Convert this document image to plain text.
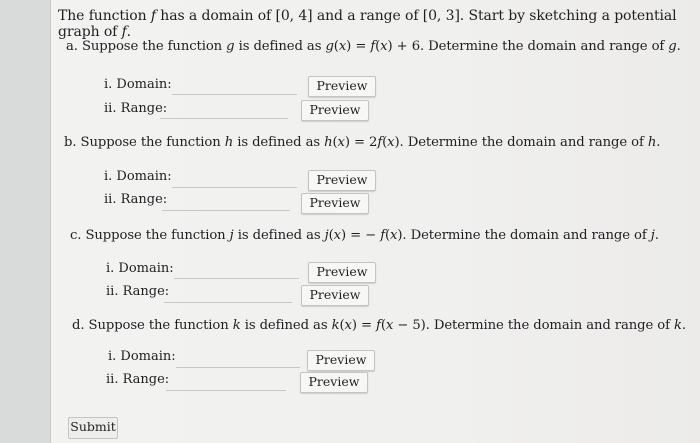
The function 𝑓 has a domain of [0, 4] and a range of [0, 3]. Start by sketching a potential graph of 𝑓.
a. Suppose the function 𝑔 is defined as 𝑔(𝑥) = 𝑓(𝑥) + 6. Determine the domain and range of 𝑔.
i. Domain:	Preview
ii. Range:	Preview
b. Suppose the function ℎ is defined as ℎ(𝑥) = 2𝑓(𝑥). Determine the domain and range of ℎ.
i. Domain:	Preview
ii. Range:	Preview
c. Suppose the function 𝑗 is defined as 𝑗(𝑥) = − 𝑓(𝑥). Determine the domain and range of 𝑗.
i. Domain:	Preview
ii. Range:	Preview
d. Suppose the function 𝑘 is defined as 𝑘(𝑥) = 𝑓(𝑥 − 5). Determine the domain and range of 𝑘.
i. Domain:	Preview
ii. Range:	Preview
Submit
